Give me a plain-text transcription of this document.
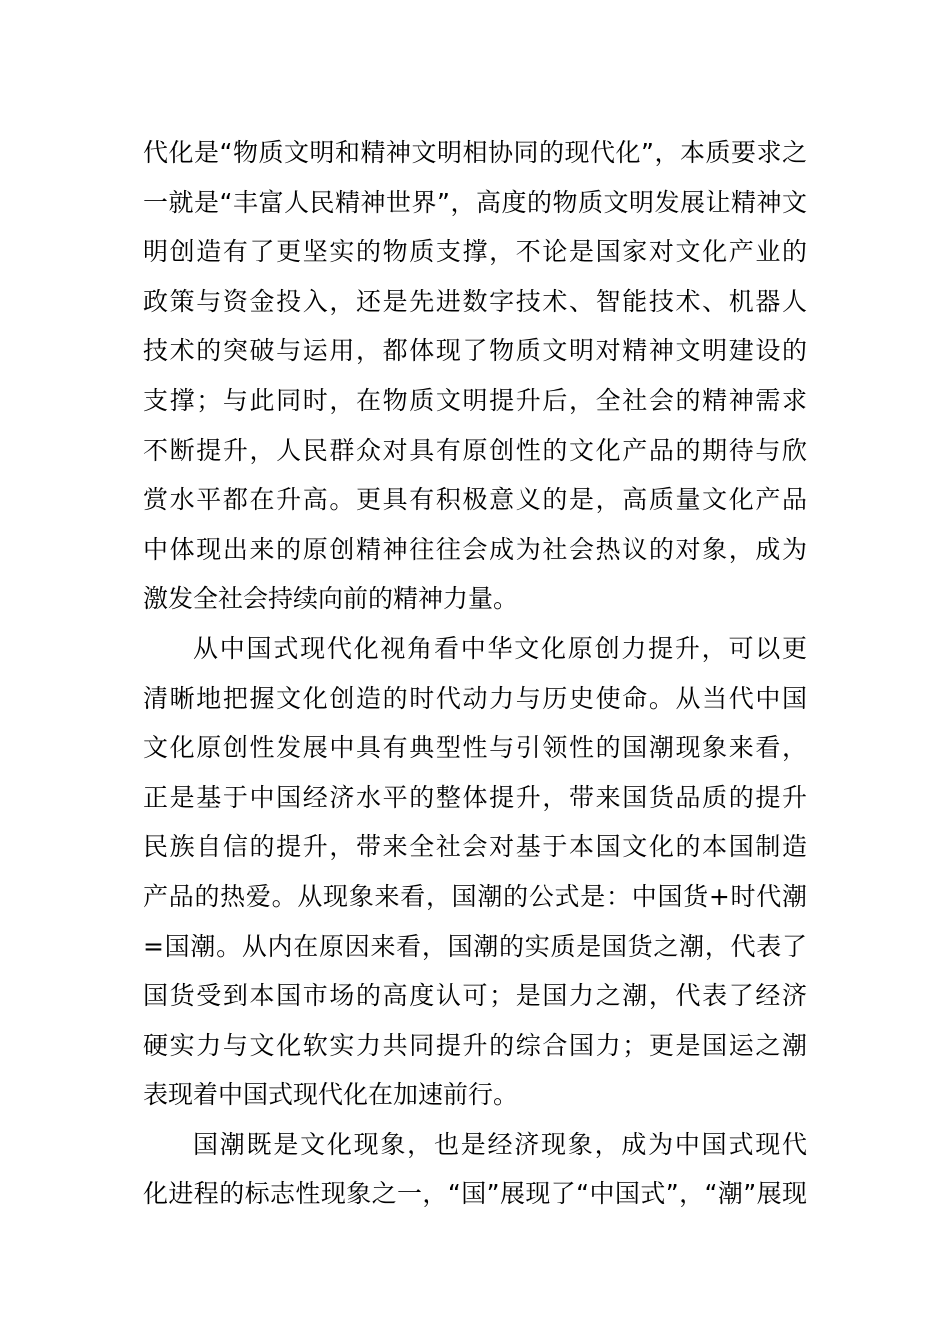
代化是“物质文明和精神文明相协同的现代化”，本质要求之
一就是“丰富人民精神世界”，高度的物质文明发展让精神文
明创造有了更坚实的物质支撑，不论是国家对文化产业的
政策与资金投入，还是先进数字技术、智能技术、机器人
技术的突破与运用，都体现了物质文明对精神文明建设的
支撑；与此同时，在物质文明提升后，全社会的精神需求
不断提升，人民群众对具有原创性的文化产品的期待与欣
赏水平都在升高。更具有积极意义的是，高质量文化产品
中体现出来的原创精神往往会成为社会热议的对象，成为
激发全社会持续向前的精神力量。
从中国式现代化视角看中华文化原创力提升，可以更
清晰地把握文化创造的时代动力与历史使命。从当代中国
文化原创性发展中具有典型性与引领性的国潮现象来看，
正是基于中国经济水平的整体提升，带来国货品质的提升
民族自信的提升，带来全社会对基于本国文化的本国制造
产品的热爱。从现象来看，国潮的公式是：中国货+时代潮
=国潮。从内在原因来看，国潮的实质是国货之潮，代表了
国货受到本国市场的高度认可；是国力之潮，代表了经济
硬实力与文化软实力共同提升的综合国力；更是国运之潮
表现着中国式现代化在加速前行。
国潮既是文化现象，也是经济现象，成为中国式现代
化进程的标志性现象之一，“国”展现了“中国式”，“潮”展现
